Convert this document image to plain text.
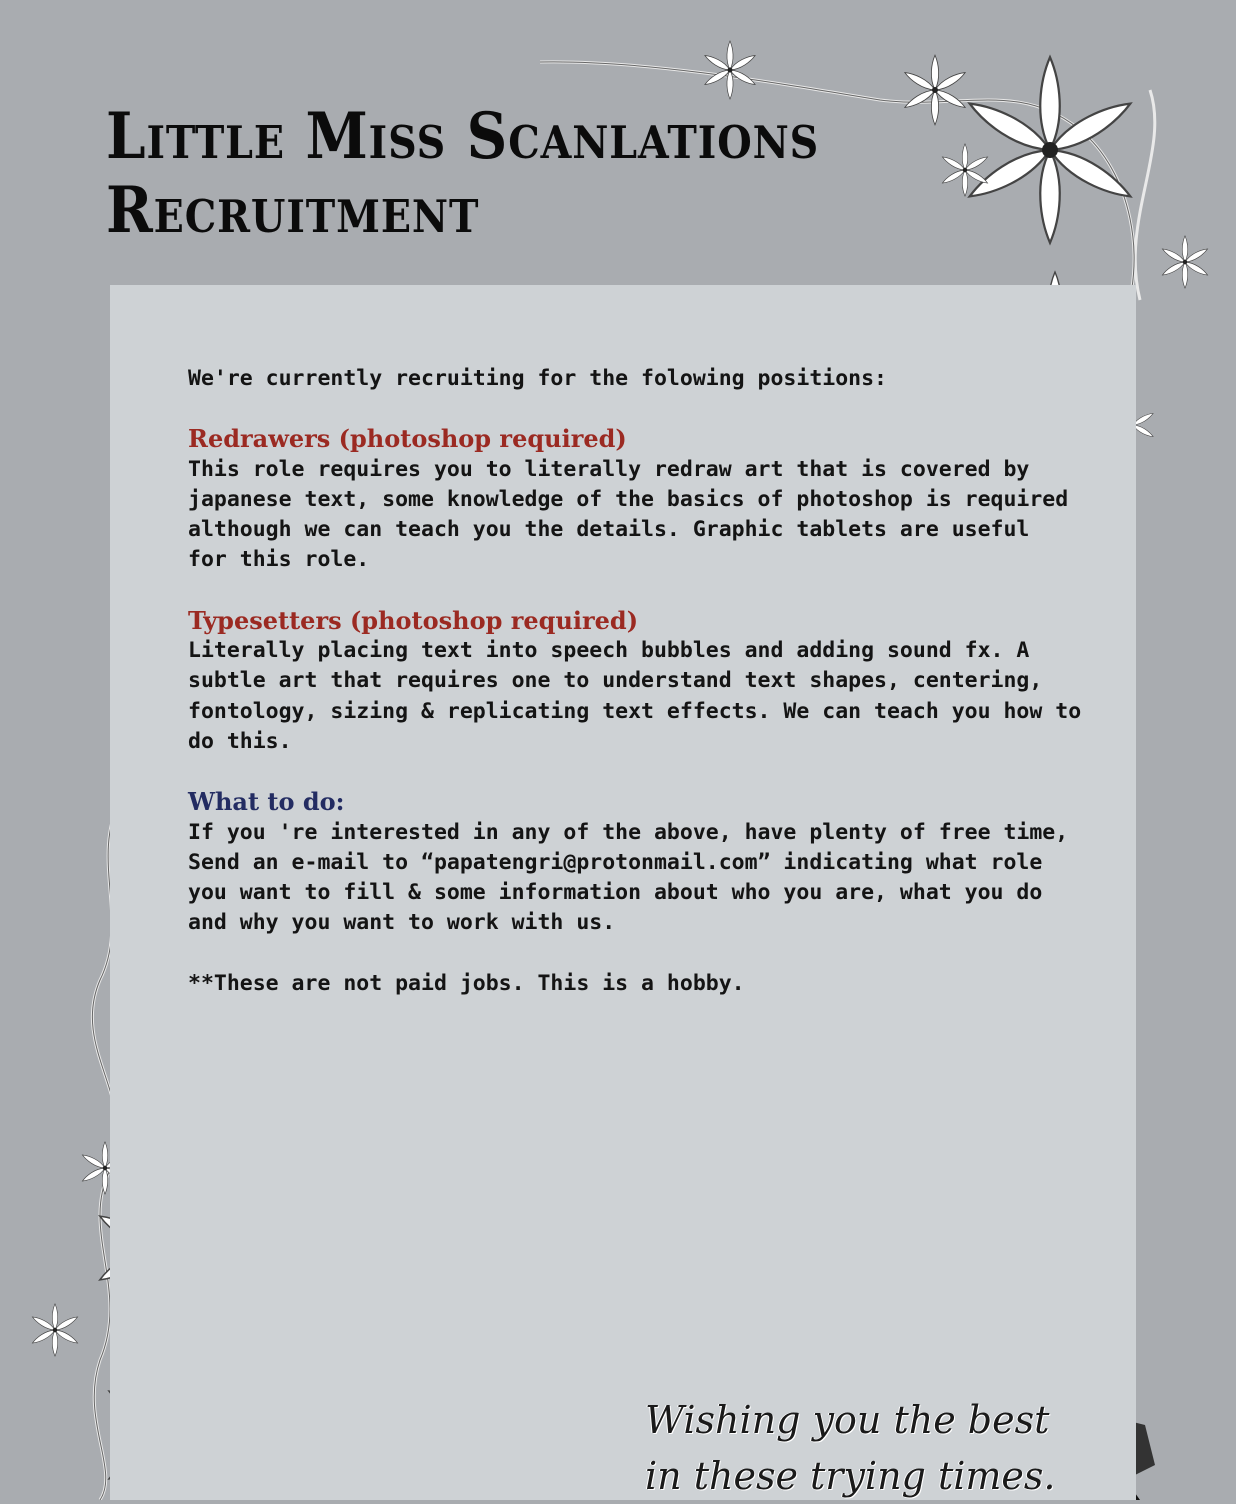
Little Miss Scanlations
Recruitment

We're currently recruiting for the folowing positions:

Redrawers (photoshop required)

This role requires you to literally redraw art that is covered by

japanese text, some knowledge of the basics of photoshop is required

although we can teach you the details. Graphic tablets are useful

for this role.

Typesetters (photoshop required)

Literally placing text into speech bubbles and adding sound fx. A

subtle art that requires one to understand text shapes, centering,

fontology, sizing & replicating text effects. We can teach you how to

do this.

What to do:

If you 're interested in any of the above, have plenty of free time,

Send an e-mail to “papatengri@protonmail.com” indicating what role

you want to fill & some information about who you are, what you do

and why you want to work with us.

**These are not paid jobs. This is a hobby.

Wishing you the best
in these trying times.
